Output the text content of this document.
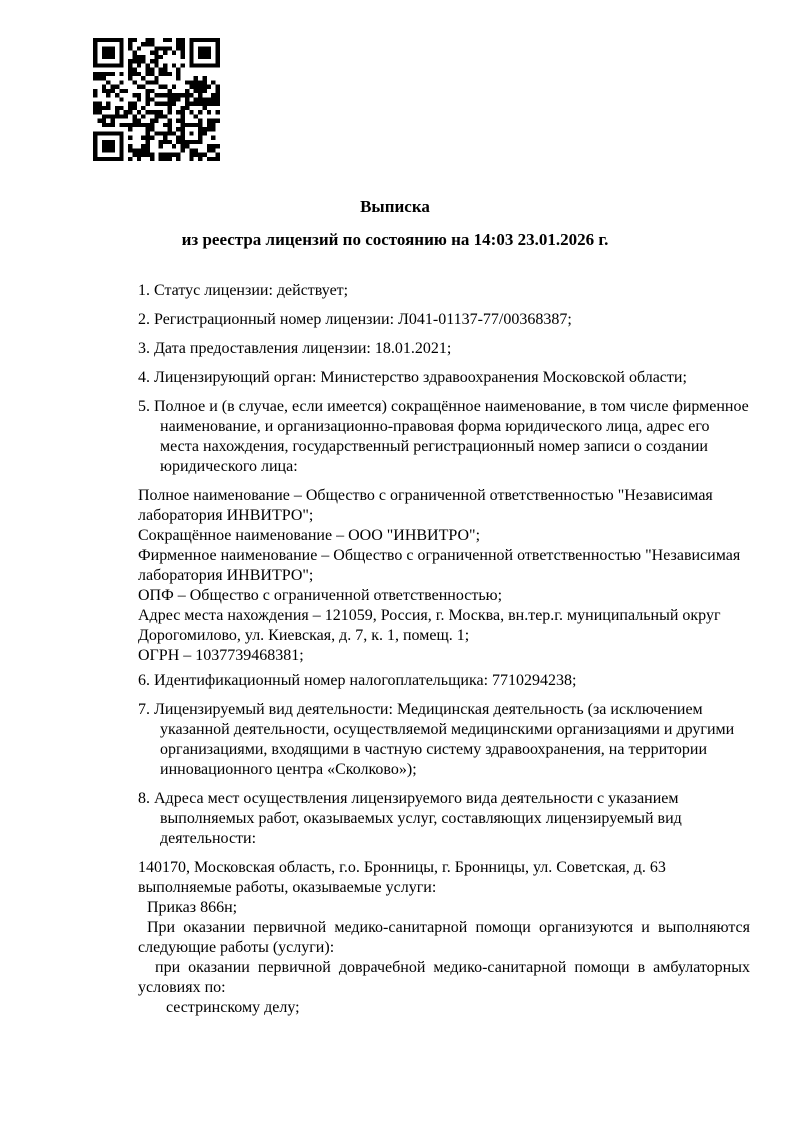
Выписка
из реестра лицензий по состоянию на 14:03 23.01.2026 г.

1. Статус лицензии: действует;

2. Регистрационный номер лицензии: Л041-01137-77/00368387;

3. Дата предоставления лицензии: 18.01.2021;

4. Лицензирующий орган: Министерство здравоохранения Московской области;

5. Полное и (в случае, если имеется) сокращённое наименование, в том числе фирменное наименование, и организационно-правовая форма юридического лица, адрес его места нахождения, государственный регистрационный номер записи о создании юридического лица:

Полное наименование – Общество с ограниченной ответственностью "Независимая лаборатория ИНВИТРО";

Сокращённое наименование – ООО "ИНВИТРО";

Фирменное наименование – Общество с ограниченной ответственностью "Независимая лаборатория ИНВИТРО";

ОПФ – Общество с ограниченной ответственностью;

Адрес места нахождения – 121059, Россия, г. Москва, вн.тер.г. муниципальный округ Дорогомилово, ул. Киевская, д. 7, к. 1, помещ. 1;

ОГРН – 1037739468381;

6. Идентификационный номер налогоплательщика: 7710294238;

7. Лицензируемый вид деятельности: Медицинская деятельность (за исключением указанной деятельности, осуществляемой медицинскими организациями и другими организациями, входящими в частную систему здравоохранения, на территории инновационного центра «Сколково»);

8. Адреса мест осуществления лицензируемого вида деятельности с указанием выполняемых работ, оказываемых услуг, составляющих лицензируемый вид деятельности:

140170, Московская область, г.о. Бронницы, г. Бронницы, ул. Советская, д. 63

выполняемые работы, оказываемые услуги:

Приказ 866н;

При оказании первичной медико-санитарной помощи организуются и выполняются следующие работы (услуги):

при оказании первичной доврачебной медико-санитарной помощи в амбулаторных условиях по:

сестринскому делу;
